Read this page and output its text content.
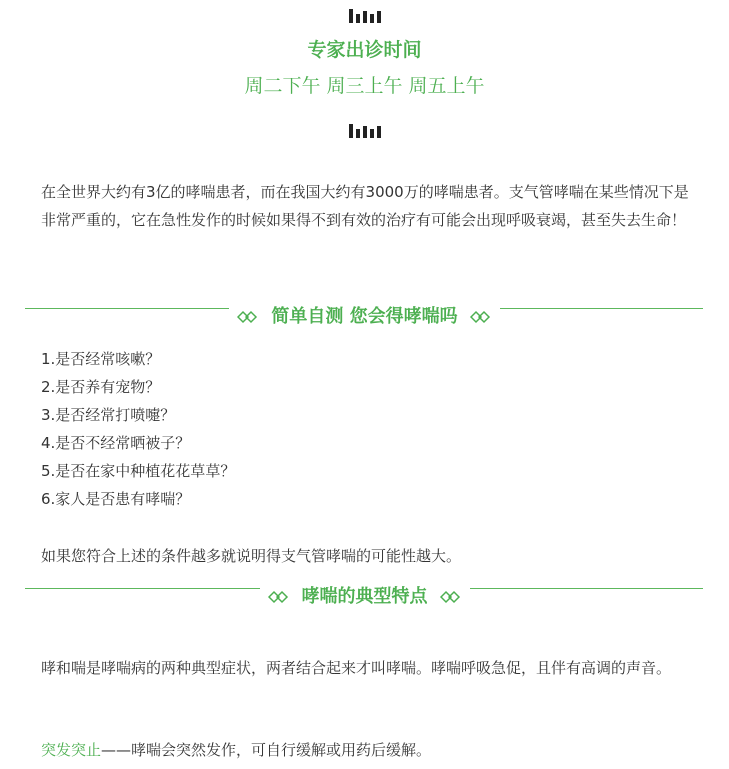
专家出诊时间
周二下午 周三上午 周五上午
在全世界大约有3亿的哮喘患者，而在我国大约有3000万的哮喘患者。支气管哮喘在某些情况下是非常严重的，它在急性发作的时候如果得不到有效的治疗有可能会出现呼吸衰竭，甚至失去生命！
简单自测 您会得哮喘吗
1.是否经常咳嗽？
2.是否养有宠物？
3.是否经常打喷嚏？
4.是否不经常晒被子？
5.是否在家中种植花花草草？
6.家人是否患有哮喘？
如果您符合上述的条件越多就说明得支气管哮喘的可能性越大。
哮喘的典型特点
哮和喘是哮喘病的两种典型症状，两者结合起来才叫哮喘。哮喘呼吸急促，且伴有高调的声音。
突发突止——哮喘会突然发作，可自行缓解或用药后缓解。
